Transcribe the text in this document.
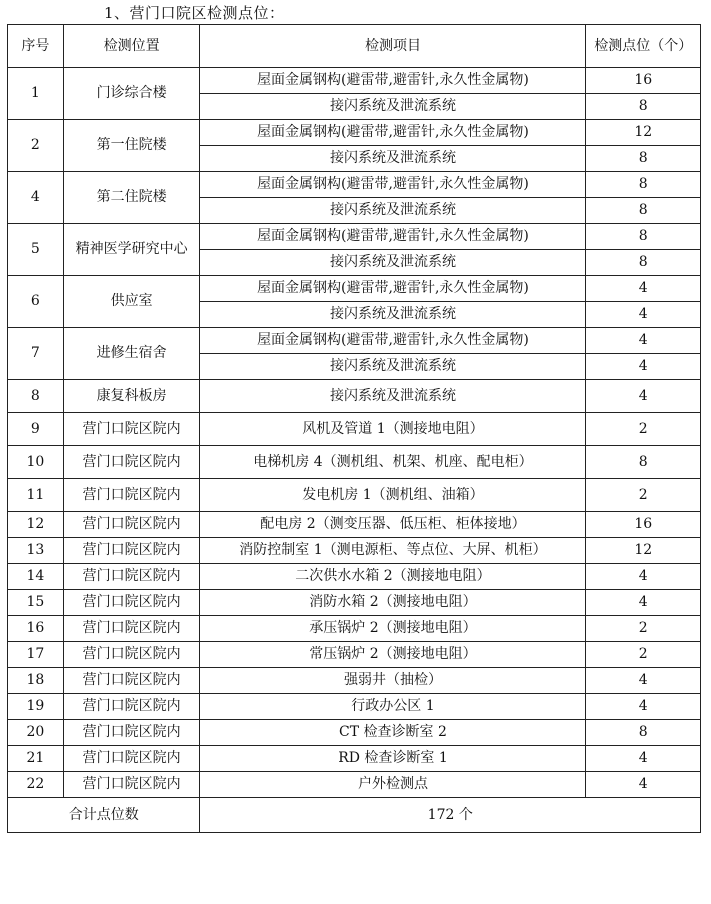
1、营门口院区检测点位：
序号	检测位置	检测项目	检测点位（个）
1	门诊综合楼	屋面金属钢构(避雷带,避雷针,永久性金属物)	16
		接闪系统及泄流系统	8
2	第一住院楼	屋面金属钢构(避雷带,避雷针,永久性金属物)	12
		接闪系统及泄流系统	8
4	第二住院楼	屋面金属钢构(避雷带,避雷针,永久性金属物)	8
		接闪系统及泄流系统	8
5	精神医学研究中心	屋面金属钢构(避雷带,避雷针,永久性金属物)	8
		接闪系统及泄流系统	8
6	供应室	屋面金属钢构(避雷带,避雷针,永久性金属物)	4
		接闪系统及泄流系统	4
7	进修生宿舍	屋面金属钢构(避雷带,避雷针,永久性金属物)	4
		接闪系统及泄流系统	4
8	康复科板房	接闪系统及泄流系统	4
9	营门口院区院内	风机及管道 1（测接地电阻）	2
10	营门口院区院内	电梯机房 4（测机组、机架、机座、配电柜）	8
11	营门口院区院内	发电机房 1（测机组、油箱）	2
12	营门口院区院内	配电房 2（测变压器、低压柜、柜体接地）	16
13	营门口院区院内	消防控制室 1（测电源柜、等点位、大屏、机柜）	12
14	营门口院区院内	二次供水水箱 2（测接地电阻）	4
15	营门口院区院内	消防水箱 2（测接地电阻）	4
16	营门口院区院内	承压锅炉 2（测接地电阻）	2
17	营门口院区院内	常压锅炉 2（测接地电阻）	2
18	营门口院区院内	强弱井（抽检）	4
19	营门口院区院内	行政办公区 1	4
20	营门口院区院内	CT 检查诊断室 2	8
21	营门口院区院内	RD 检查诊断室 1	4
22	营门口院区院内	户外检测点	4
合计点位数		172 个	
